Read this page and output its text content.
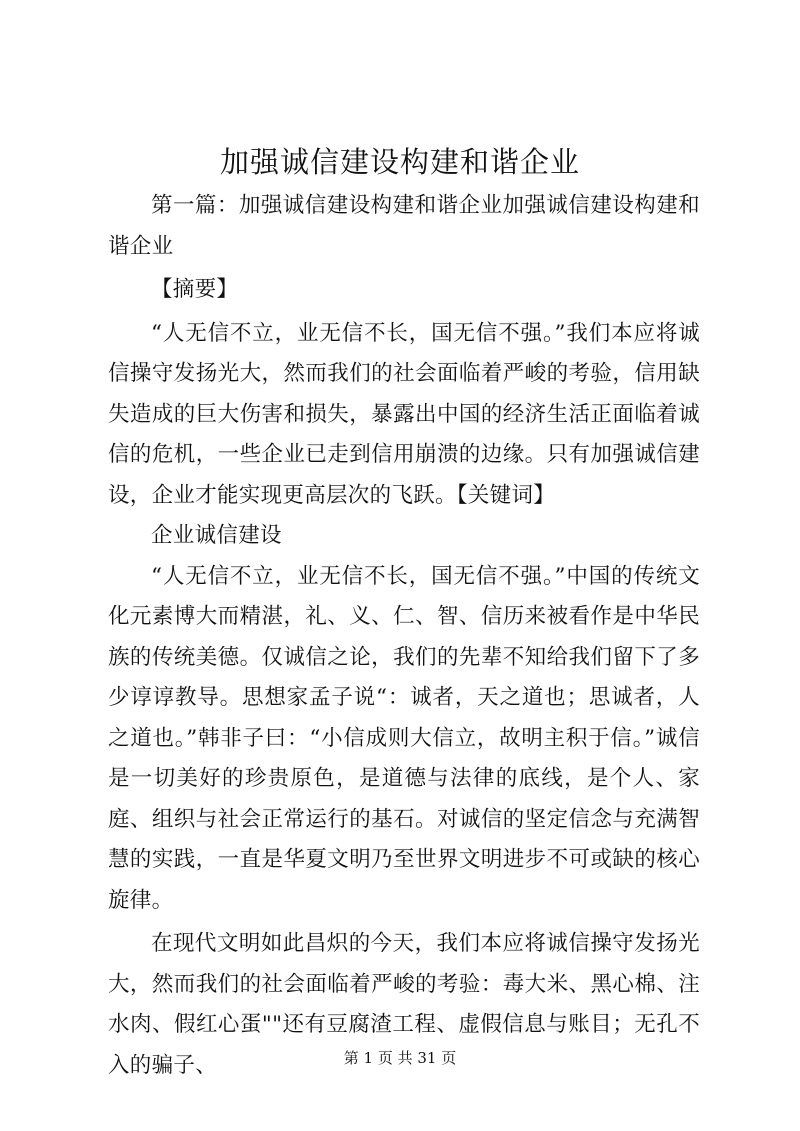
加强诚信建设构建和谐企业

第一篇：加强诚信建设构建和谐企业加强诚信建设构建和谐企业

【摘要】

“人无信不立，业无信不长，国无信不强。”我们本应将诚信操守发扬光大，然而我们的社会面临着严峻的考验，信用缺失造成的巨大伤害和损失，暴露出中国的经济生活正面临着诚信的危机，一些企业已走到信用崩溃的边缘。只有加强诚信建设，企业才能实现更高层次的飞跃。【关键词】

企业诚信建设

“人无信不立，业无信不长，国无信不强。”中国的传统文化元素博大而精湛，礼、义、仁、智、信历来被看作是中华民族的传统美德。仅诚信之论，我们的先辈不知给我们留下了多少谆谆教导。思想家孟子说“：诚者，天之道也；思诚者，人之道也。”韩非子曰：“小信成则大信立，故明主积于信。”诚信是一切美好的珍贵原色，是道德与法律的底线，是个人、家庭、组织与社会正常运行的基石。对诚信的坚定信念与充满智慧的实践，一直是华夏文明乃至世界文明进步不可或缺的核心旋律。

在现代文明如此昌炽的今天，我们本应将诚信操守发扬光大，然而我们的社会面临着严峻的考验：毒大米、黑心棉、注水肉、假红心蛋""还有豆腐渣工程、虚假信息与账目；无孔不入的骗子、	第 1 页 共 31 页
